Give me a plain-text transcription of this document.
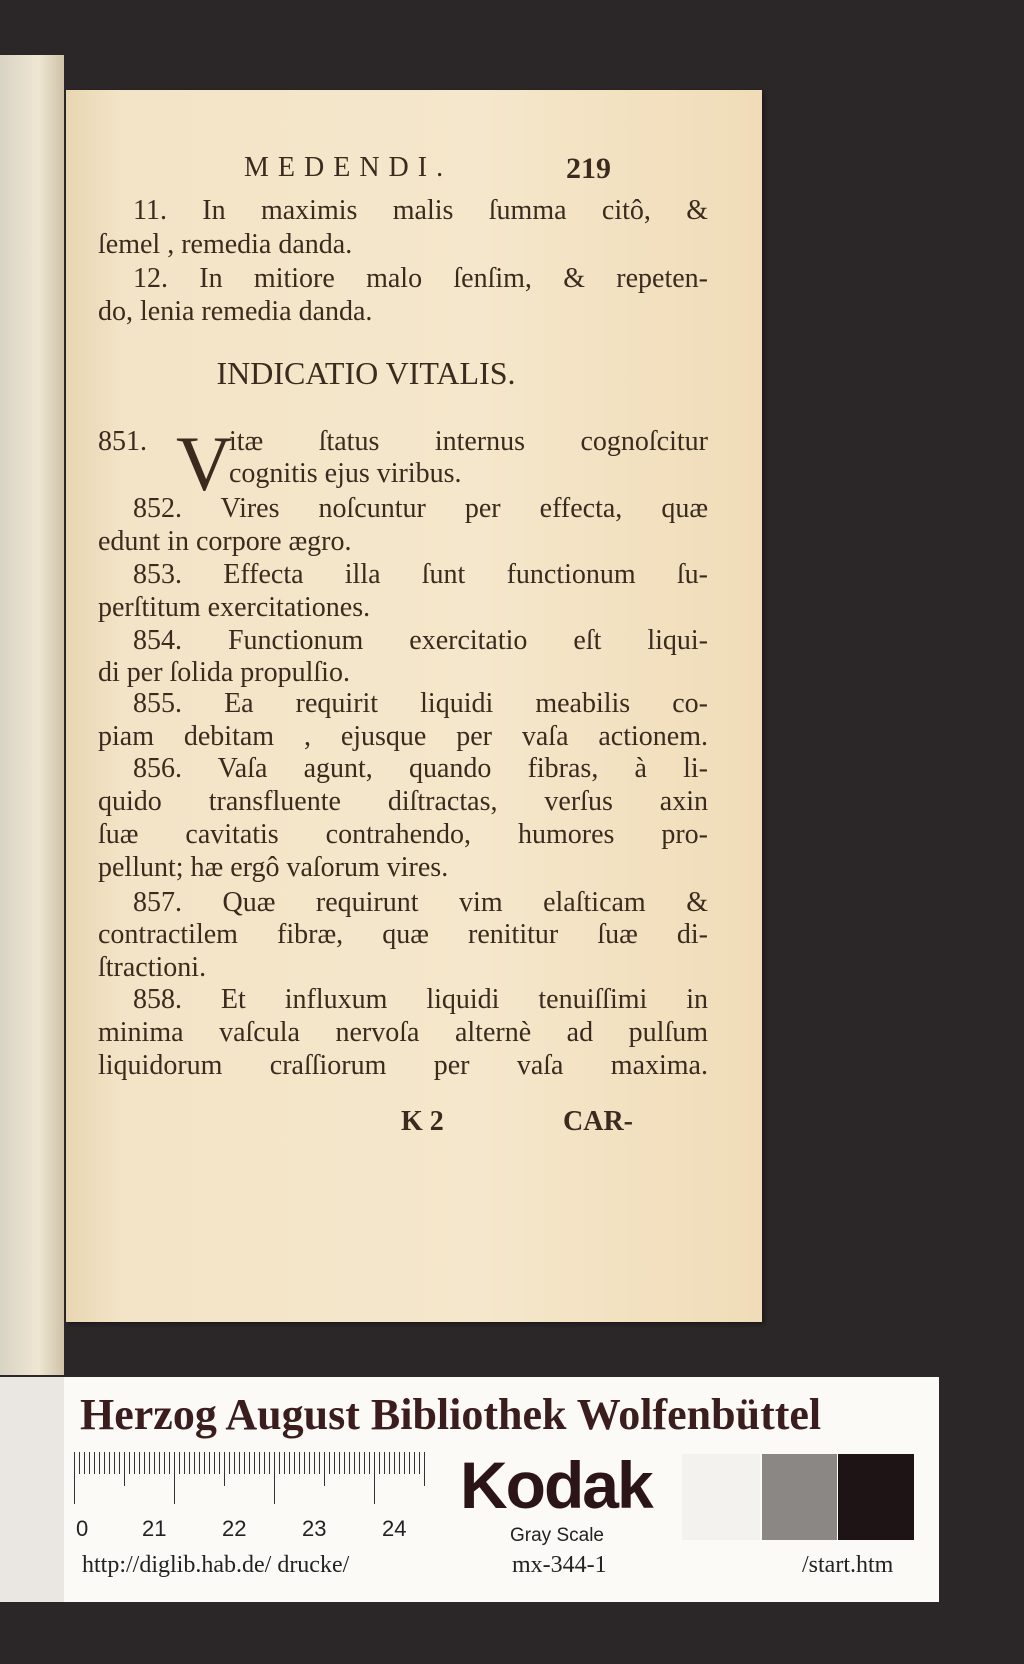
MEDENDI.	219
INDICATIO VITALIS.
V
K 2	CAR-
11. In maximis malis ſumma citô, &
ſemel , remedia danda.
12. In mitiore malo ſenſim, & repeten-
do, lenia remedia danda.
851.	itæ ſtatus internus cognoſcitur
cognitis ejus viribus.
852. Vires noſcuntur per effecta, quæ
edunt in corpore ægro.
853. Effecta illa ſunt functionum ſu-
perſtitum exercitationes.
854. Functionum exercitatio eſt liqui-
di per ſolida propulſio.
855. Ea requirit liquidi meabilis co-
piam debitam , ejusque per vaſa actionem.
856. Vaſa agunt, quando fibras, à li-
quido transfluente diſtractas, verſus axin
ſuæ cavitatis contrahendo, humores pro-
pellunt; hæ ergô vaſorum vires.
857. Quæ requirunt vim elaſticam &
contractilem fibræ, quæ renititur ſuæ di-
ſtractioni.
858. Et influxum liquidi tenuiſſimi in
minima vaſcula nervoſa alternè ad pulſum
liquidorum craſſiorum per vaſa maxima.
Herzog August Bibliothek Wolfenbüttel
0 21	22	23	24
Kodak
Gray Scale
http://diglib.hab.de/ drucke/	mx-344-1	/start.htm
